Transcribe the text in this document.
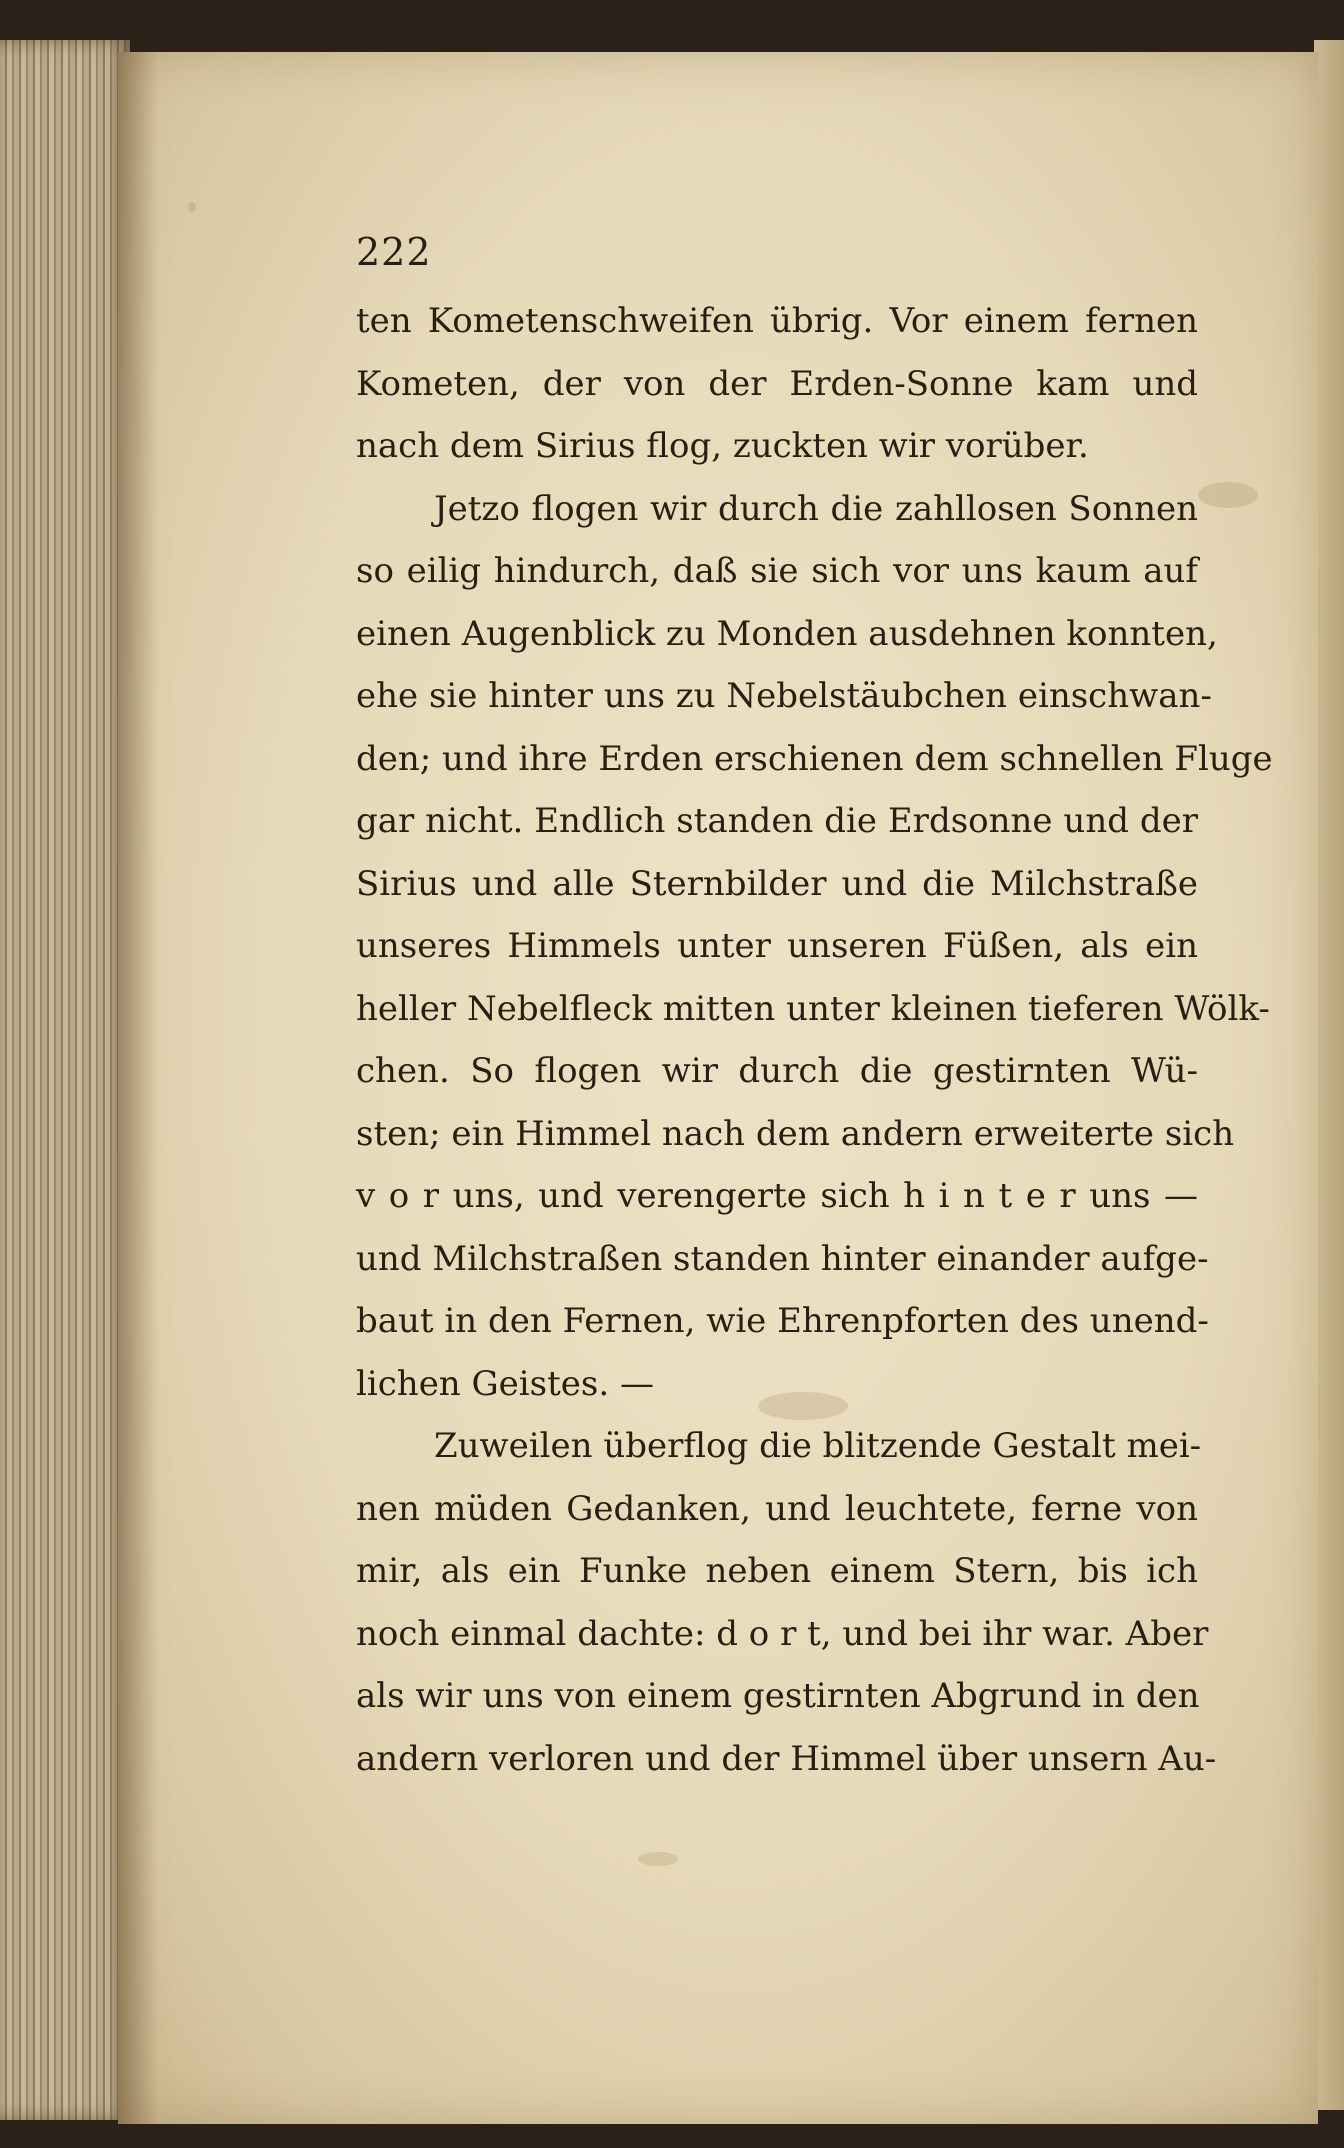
222
ten Kometenschweifen übrig. Vor einem fernen
Kometen, der von der Erden-Sonne kam und
nach dem Sirius flog, zuckten wir vorüber.
Jetzo flogen wir durch die zahllosen Sonnen
so eilig hindurch, daß sie sich vor uns kaum auf
einen Augenblick zu Monden ausdehnen konnten,
ehe sie hinter uns zu Nebelstäubchen einschwan-
den; und ihre Erden erschienen dem schnellen Fluge
gar nicht. Endlich standen die Erdsonne und der
Sirius und alle Sternbilder und die Milchstraße
unseres Himmels unter unseren Füßen, als ein
heller Nebelfleck mitten unter kleinen tieferen Wölk-
chen. So flogen wir durch die gestirnten Wü-
sten; ein Himmel nach dem andern erweiterte sich
v o r uns, und verengerte sich h i n t e r uns —
und Milchstraßen standen hinter einander aufge-
baut in den Fernen, wie Ehrenpforten des unend-
lichen Geistes. —
Zuweilen überflog die blitzende Gestalt mei-
nen müden Gedanken, und leuchtete, ferne von
mir, als ein Funke neben einem Stern, bis ich
noch einmal dachte: d o r t, und bei ihr war. Aber
als wir uns von einem gestirnten Abgrund in den
andern verloren und der Himmel über unsern Au-
